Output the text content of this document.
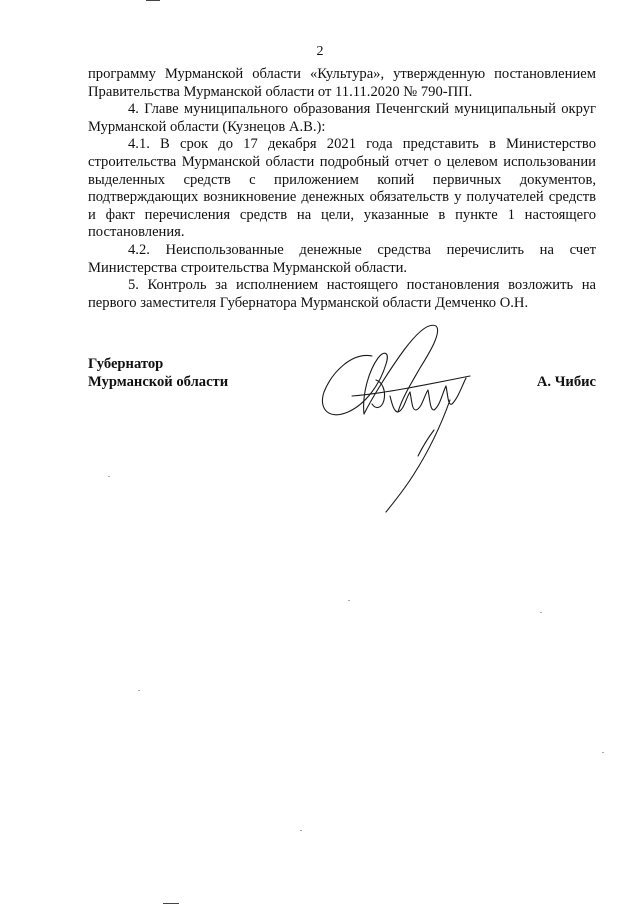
2

программу Мурманской области «Культура», утвержденную постановлением Правительства Мурманской области от 11.11.2020 № 790-ПП.

4. Главе муниципального образования Печенгский муниципальный округ Мурманской области (Кузнецов А.В.):

4.1. В срок до 17 декабря 2021 года представить в Министерство строительства Мурманской области подробный отчет о целевом использовании выделенных средств с приложением копий первичных документов, подтверждающих возникновение денежных обязательств у получателей средств и факт перечисления средств на цели, указанные в пункте 1 настоящего постановления.

4.2. Неиспользованные денежные средства перечислить на счет Министерства строительства Мурманской области.

5. Контроль за исполнением настоящего постановления возложить на первого заместителя Губернатора Мурманской области Демченко О.Н.

Губернатор
Мурманской области	А. Чибис
